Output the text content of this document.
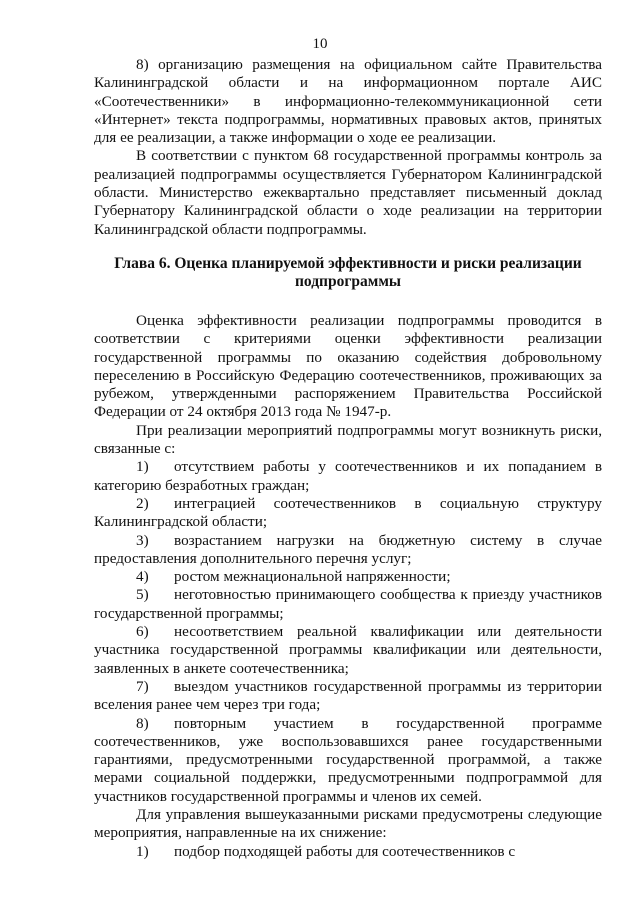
10

8) организацию размещения на официальном сайте Правительства Калининградской области и на информационном портале АИС «Соотечественники» в информационно-телекоммуникационной сети «Интернет» текста подпрограммы, нормативных правовых актов, принятых для ее реализации, а также информации о ходе ее реализации.

В соответствии с пунктом 68 государственной программы контроль за реализацией подпрограммы осуществляется Губернатором Калининградской области. Министерство ежеквартально представляет письменный доклад Губернатору Калининградской области о ходе реализации на территории Калининградской области подпрограммы.

Глава 6. Оценка планируемой эффективности и риски реализации подпрограммы

Оценка эффективности реализации подпрограммы проводится в соответствии с критериями оценки эффективности реализации государственной программы по оказанию содействия добровольному переселению в Российскую Федерацию соотечественников, проживающих за рубежом, утвержденными распоряжением Правительства Российской Федерации от 24 октября 2013 года № 1947-р.

При реализации мероприятий подпрограммы могут возникнуть риски, связанные с:

1) отсутствием работы у соотечественников и их попаданием в категорию безработных граждан;

2) интеграцией соотечественников в социальную структуру Калининградской области;

3) возрастанием нагрузки на бюджетную систему в случае предоставления дополнительного перечня услуг;

4) ростом межнациональной напряженности;

5) неготовностью принимающего сообщества к приезду участников государственной программы;

6) несоответствием реальной квалификации или деятельности участника государственной программы квалификации или деятельности, заявленных в анкете соотечественника;

7) выездом участников государственной программы из территории вселения ранее чем через три года;

8) повторным участием в государственной программе соотечественников, уже воспользовавшихся ранее государственными гарантиями, предусмотренными государственной программой, а также мерами социальной поддержки, предусмотренными подпрограммой для участников государственной программы и членов их семей.

Для управления вышеуказанными рисками предусмотрены следующие мероприятия, направленные на их снижение:

1) подбор подходящей работы для соотечественников с
